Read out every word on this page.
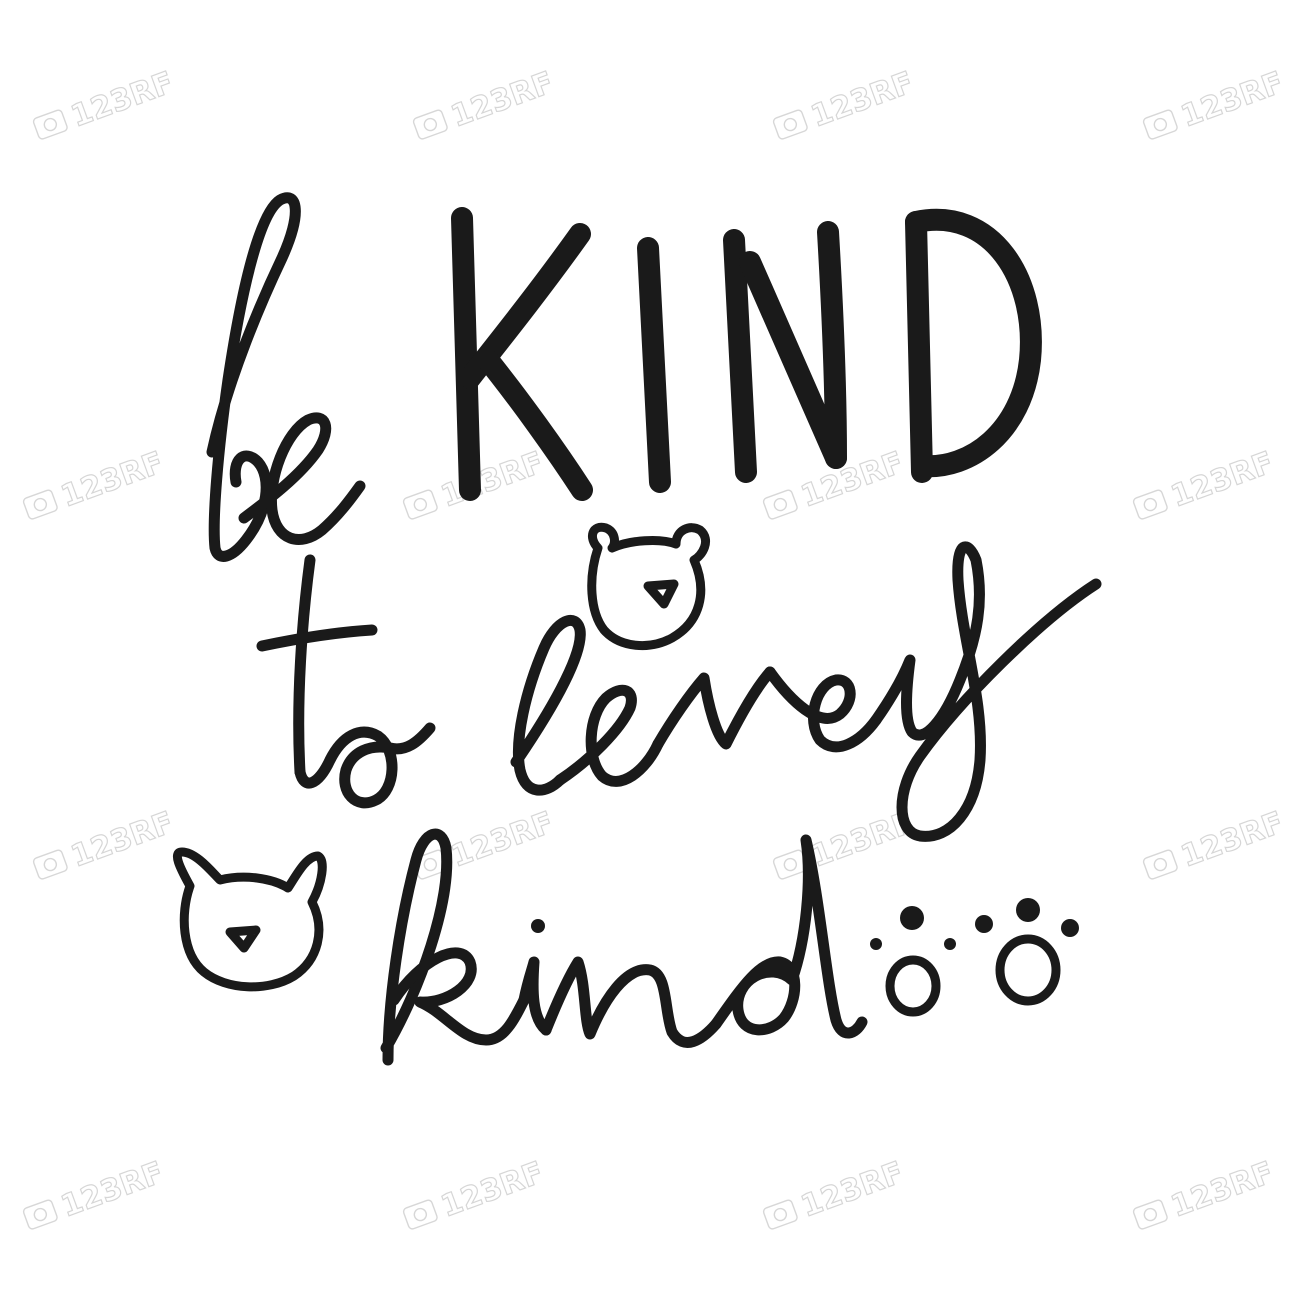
123RF	123RF	123RF	123RF
123RF	123RF	123RF	123RF
123RF	123RF	123RF	123RF
123RF	123RF	123RF	123RF
